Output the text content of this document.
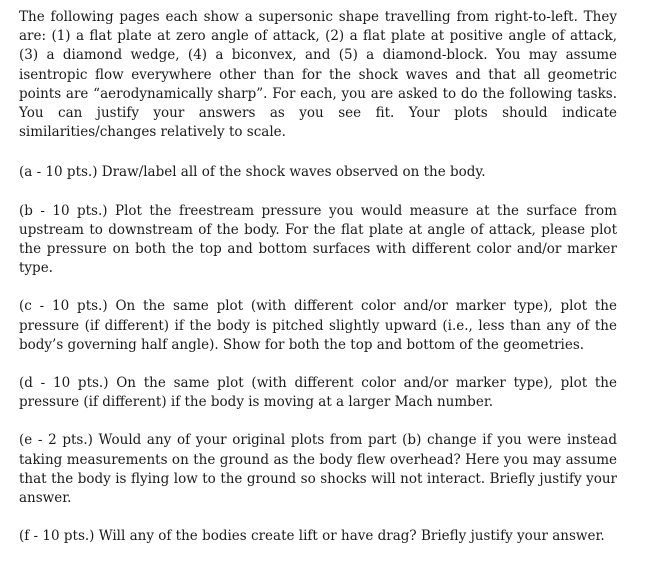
The following pages each show a supersonic shape travelling from right-to-left. They are: (1) a flat plate at zero angle of attack, (2) a flat plate at positive angle of attack, (3) a diamond wedge, (4) a biconvex, and (5) a diamond-block. You may assume isentropic flow everywhere other than for the shock waves and that all geometric points are “aerodynamically sharp”. For each, you are asked to do the following tasks. You can justify your answers as you see fit. Your plots should indicate similarities/changes relatively to scale.

(a - 10 pts.) Draw/label all of the shock waves observed on the body.

(b - 10 pts.) Plot the freestream pressure you would measure at the surface from upstream to downstream of the body. For the flat plate at angle of attack, please plot the pressure on both the top and bottom surfaces with different color and/or marker type.

(c - 10 pts.) On the same plot (with different color and/or marker type), plot the pressure (if different) if the body is pitched slightly upward (i.e., less than any of the body’s governing half angle). Show for both the top and bottom of the geometries.

(d - 10 pts.) On the same plot (with different color and/or marker type), plot the pressure (if different) if the body is moving at a larger Mach number.

(e - 2 pts.) Would any of your original plots from part (b) change if you were instead taking measurements on the ground as the body flew overhead? Here you may assume that the body is flying low to the ground so shocks will not interact. Briefly justify your answer.

(f - 10 pts.) Will any of the bodies create lift or have drag? Briefly justify your answer.
